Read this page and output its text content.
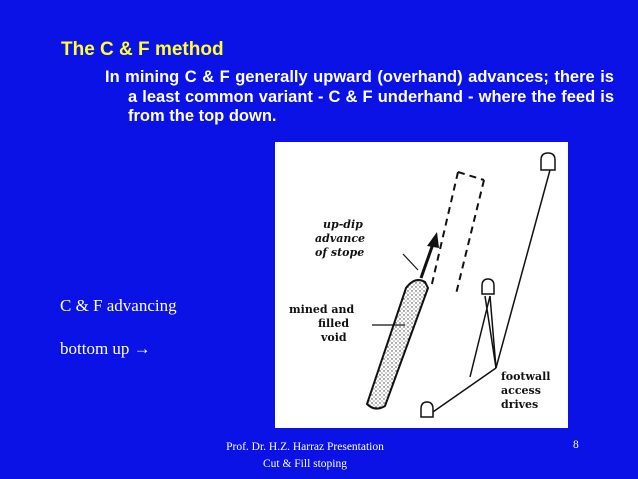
The C & F method
In mining C & F generally upward (overhand) advances; there is a least common variant - C & F underhand - where the feed is from the top down.
C & F advancing
bottom up →
up-dip
advance
of stope
mined and
filled
void
footwall
access
drives
Prof. Dr. H.Z. Harraz Presentation
Cut & Fill stoping
8
